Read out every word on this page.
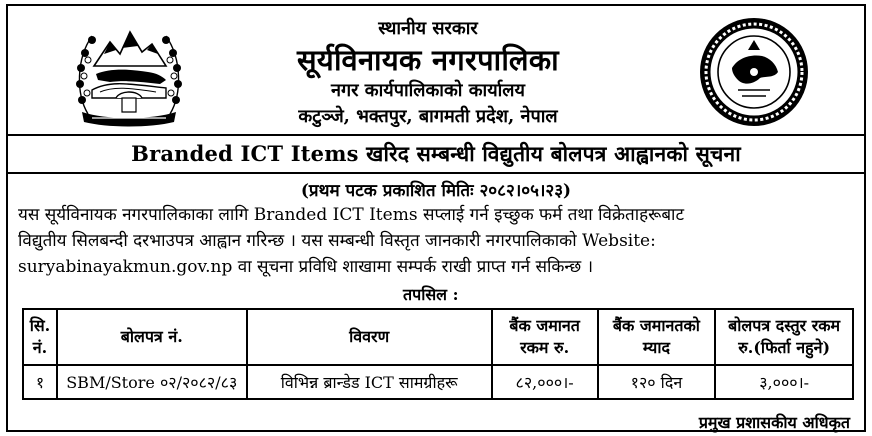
स्थानीय सरकार
सूर्यविनायक नगरपालिका
नगर कार्यपालिकाको कार्यालय
कटुञ्जे, भक्तपुर, बागमती प्रदेश, नेपाल
Branded ICT Items खरिद सम्बन्धी विद्युतीय बोलपत्र आह्वानको सूचना
(प्रथम पटक प्रकाशित मितिः २०८२।०५।२३)
यस सूर्यविनायक नगरपालिकाका लागि Branded ICT Items सप्लाई गर्न इच्छुक फर्म तथा विक्रेताहरूबाट
विद्युतीय सिलबन्दी दरभाउपत्र आह्वान गरिन्छ । यस सम्बन्धी विस्तृत जानकारी नगरपालिकाको Website:
suryabinayakmun.gov.np वा सूचना प्रविधि शाखामा सम्पर्क राखी प्राप्त गर्न सकिन्छ ।
तपसिल :
सि. नं.	बोलपत्र नं.	विवरण	बैंक जमानत रकम रु.	बैंक जमानतको म्याद	बोलपत्र दस्तुर रकम रु.(फिर्ता नहुने)
१	SBM/Store ०२/२०८२/८३	विभिन्न ब्रान्डेड ICT सामग्रीहरू	८२,०००।-	१२० दिन	३,०००।-
प्रमुख प्रशासकीय अधिकृत
